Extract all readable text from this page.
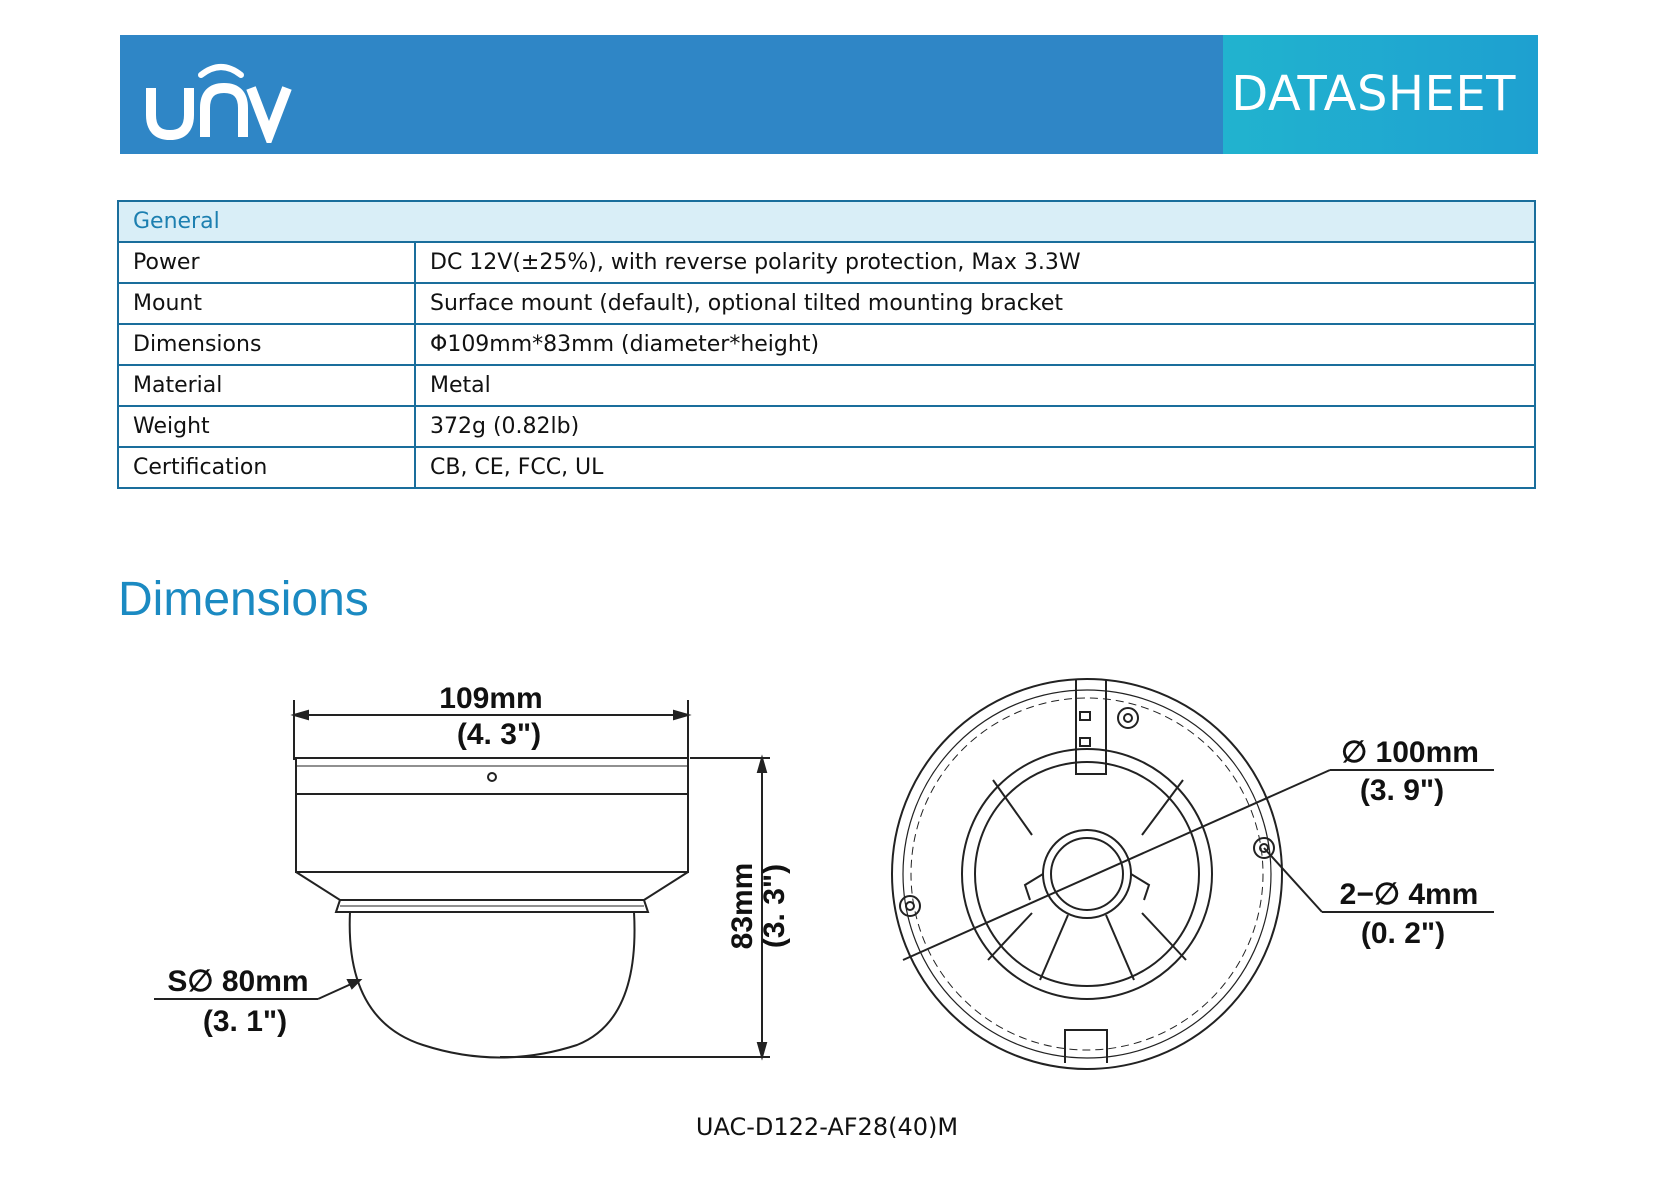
DATASHEET
General	
Power	DC 12V(±25%), with reverse polarity protection, Max 3.3W
Mount	Surface mount (default), optional tilted mounting bracket
Dimensions	Φ109mm*83mm (diameter*height)
Material	Metal
Weight	372g (0.82lb)
Certification	CB, CE, FCC, UL
Dimensions
109mm
(4. 3")
83mm (3. 3")
S∅ 80mm
(3. 1")
∅ 100mm
(3. 9")
2−∅ 4mm
(0. 2")
UAC-D122-AF28(40)M
